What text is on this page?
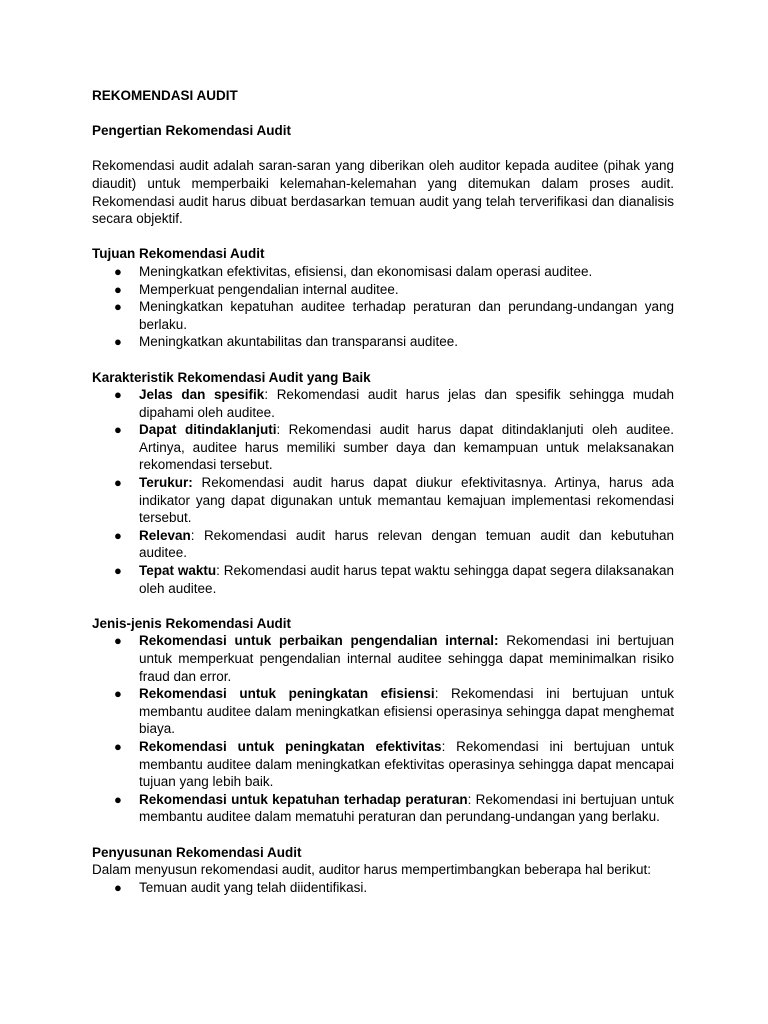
REKOMENDASI AUDIT

Pengertian Rekomendasi Audit

Rekomendasi audit adalah saran-saran yang diberikan oleh auditor kepada auditee (pihak yang diaudit) untuk memperbaiki kelemahan-kelemahan yang ditemukan dalam proses audit. Rekomendasi audit harus dibuat berdasarkan temuan audit yang telah terverifikasi dan dianalisis secara objektif.

Tujuan Rekomendasi Audit

● Meningkatkan efektivitas, efisiensi, dan ekonomisasi dalam operasi auditee.
● Memperkuat pengendalian internal auditee.
● Meningkatkan kepatuhan auditee terhadap peraturan dan perundang-undangan yang berlaku.
● Meningkatkan akuntabilitas dan transparansi auditee.

Karakteristik Rekomendasi Audit yang Baik

● Jelas dan spesifik: Rekomendasi audit harus jelas dan spesifik sehingga mudah dipahami oleh auditee.
● Dapat ditindaklanjuti: Rekomendasi audit harus dapat ditindaklanjuti oleh auditee. Artinya, auditee harus memiliki sumber daya dan kemampuan untuk melaksanakan rekomendasi tersebut.
● Terukur: Rekomendasi audit harus dapat diukur efektivitasnya. Artinya, harus ada indikator yang dapat digunakan untuk memantau kemajuan implementasi rekomendasi tersebut.
● Relevan: Rekomendasi audit harus relevan dengan temuan audit dan kebutuhan auditee.
● Tepat waktu: Rekomendasi audit harus tepat waktu sehingga dapat segera dilaksanakan oleh auditee.

Jenis-jenis Rekomendasi Audit

● Rekomendasi untuk perbaikan pengendalian internal: Rekomendasi ini bertujuan untuk memperkuat pengendalian internal auditee sehingga dapat meminimalkan risiko fraud dan error.
● Rekomendasi untuk peningkatan efisiensi: Rekomendasi ini bertujuan untuk membantu auditee dalam meningkatkan efisiensi operasinya sehingga dapat menghemat biaya.
● Rekomendasi untuk peningkatan efektivitas: Rekomendasi ini bertujuan untuk membantu auditee dalam meningkatkan efektivitas operasinya sehingga dapat mencapai tujuan yang lebih baik.
● Rekomendasi untuk kepatuhan terhadap peraturan: Rekomendasi ini bertujuan untuk membantu auditee dalam mematuhi peraturan dan perundang-undangan yang berlaku.

Penyusunan Rekomendasi Audit

Dalam menyusun rekomendasi audit, auditor harus mempertimbangkan beberapa hal berikut:

● Temuan audit yang telah diidentifikasi.
